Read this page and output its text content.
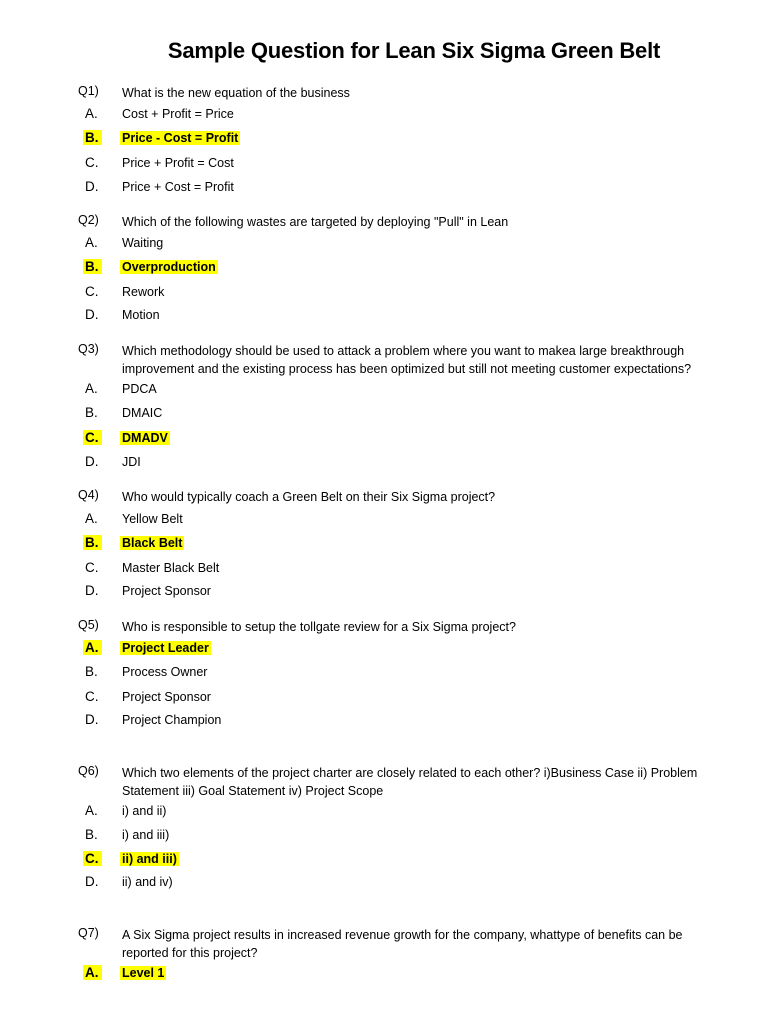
Sample Question for Lean Six Sigma Green Belt
Q1) What is the new equation of the business
A. Cost + Profit = Price
B. Price - Cost = Profit
C. Price + Profit = Cost
D. Price + Cost = Profit
Q2) Which of the following wastes are targeted by deploying "Pull" in Lean
A. Waiting
B. Overproduction
C. Rework
D. Motion
Q3) Which methodology should be used to attack a problem where you want to makea large breakthrough improvement and the existing process has been optimized but still not meeting customer expectations?
A. PDCA
B. DMAIC
C. DMADV
D. JDI
Q4) Who would typically coach a Green Belt on their Six Sigma project?
A. Yellow Belt
B. Black Belt
C. Master Black Belt
D. Project Sponsor
Q5) Who is responsible to setup the tollgate review for a Six Sigma project?
A. Project Leader
B. Process Owner
C. Project Sponsor
D. Project Champion
Q6) Which two elements of the project charter are closely related to each other? i)Business Case ii) Problem Statement iii) Goal Statement iv) Project Scope
A. i) and ii)
B. i) and iii)
C. ii) and iii)
D. ii) and iv)
Q7) A Six Sigma project results in increased revenue growth for the company, whattype of benefits can be reported for this project?
A. Level 1
